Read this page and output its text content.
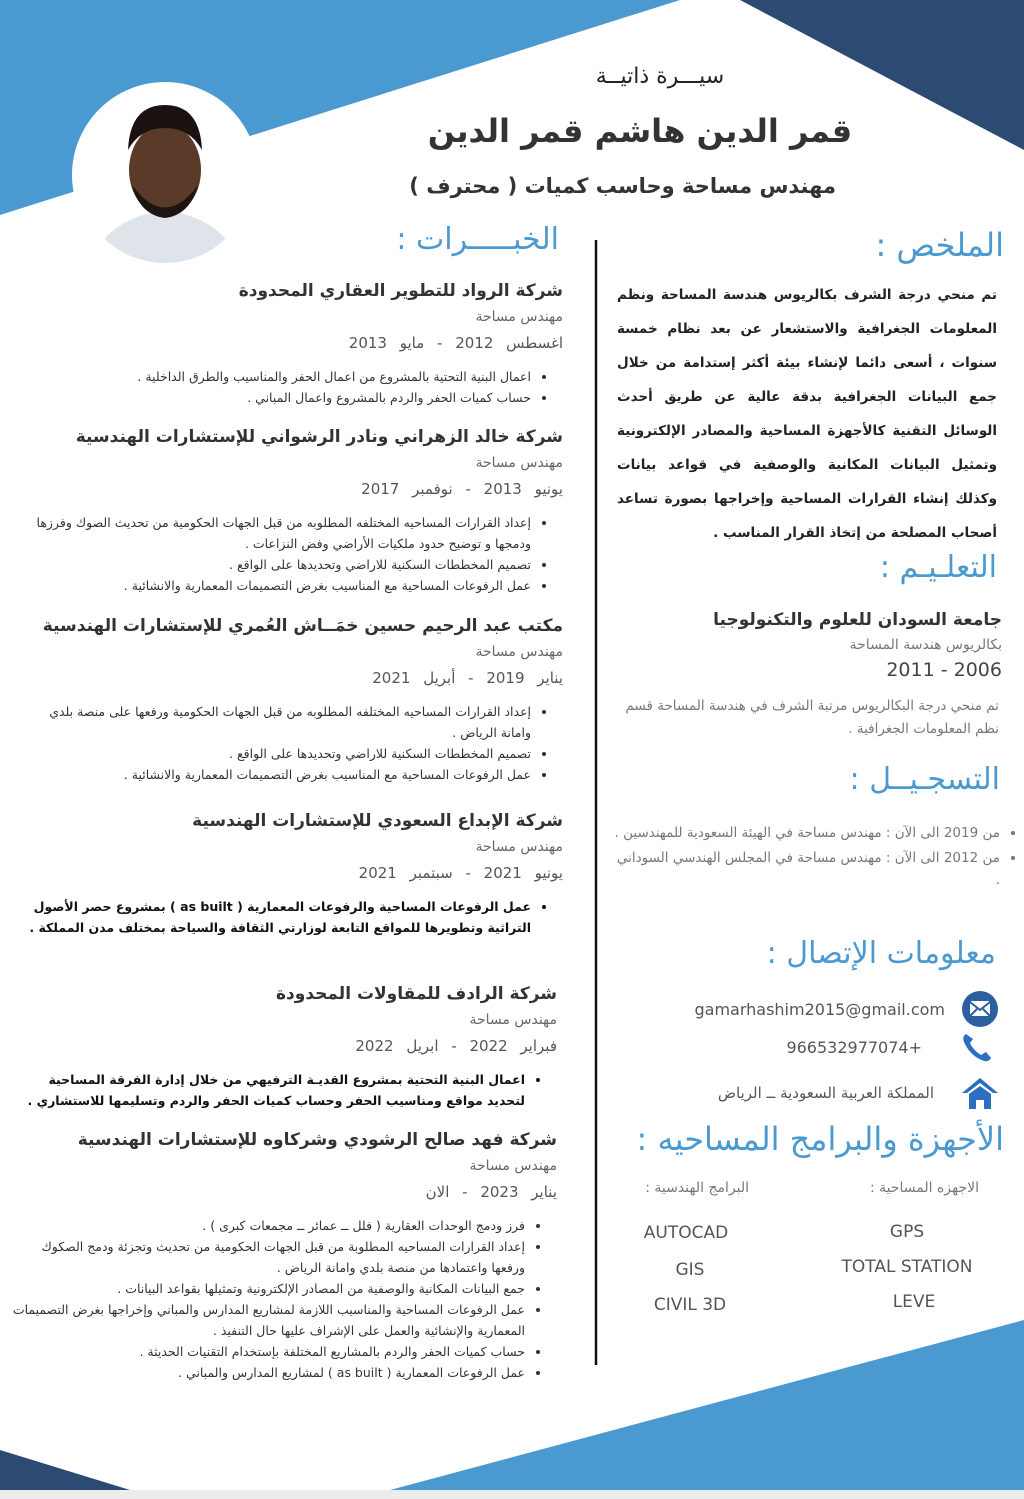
سيـــرة ذاتيــة
قمر الدين هاشم قمر الدين
مهندس مساحة وحاسب كميات ( محترف )
الملخص :
تم منحي درجة الشرف بكالريوس هندسة المساحة ونظم المعلومات الجغرافية والاستشعار عن بعد نظام خمسة سنوات ، أسعى دائما لإنشاء بيئة أكثر إستدامة من خلال جمع البيانات الجغرافية بدقة عالية عن طريق أحدث الوسائل التقنية كالأجهزة المساحية والمصادر الإلكترونية وتمثيل البيانات المكانية والوصفية في قواعد بيانات وكذلك إنشاء القرارات المساحية وإخراجها بصورة تساعد أصحاب المصلحة من إتخاذ القرار المناسب .
التعلـيـم :
جامعة السودان للعلوم والتكنولوجيا
بكالريوس هندسة المساحة
2011 - 2006
تم منحي درجة البكالريوس مرتبة الشرف في هندسة المساحة قسم نظم المعلومات الجغرافية .
التسجـيــل :
• من 2019 الى الآن : مهندس مساحة في الهيئة السعودية للمهندسين .
• من 2012 الى الآن : مهندس مساحة في المجلس الهندسي السوداني .
معلومات الإتصال :
gamarhashim2015@gmail.com
+966532977074
المملكة العربية السعودية ــ الرياض
الأجهزة والبرامج المساحيه :
الاجهزه المساحية :
البرامج الهندسية :
GPS
TOTAL STATION
LEVE
AUTOCAD
GIS
CIVIL 3D
الخبـــــرات :
شركة الرواد للتطوير العقاري المحدودة
مهندس مساحة
اغسطس 2012 - مايو 2013
• اعمال البنية التحتية بالمشروع من اعمال الحفر والمناسيب والطرق الداخلية .
• حساب كميات الحفر والردم بالمشروع واعمال المباني .
شركة خالد الزهراني ونادر الرشواني للإستشارات الهندسية
مهندس مساحة
يونيو 2013 - نوفمبر 2017
• إعداد القرارات المساحيه المختلفه المطلوبه من قبل الجهات الحكومية من تحديث الصوك وفرزها ودمجها و توضيح حدود ملكيات الأراضي وفض النزاعات .
• تصميم المخططات السكنية للاراضي وتحديدها على الواقع .
• عمل الرفوعات المساحية مع المناسيب بغرض التصميمات المعمارية والانشائية .
مكتب عبد الرحيم حسين خمَــاش العُمري للإستشارات الهندسية
مهندس مساحة
يناير 2019 - أبريل 2021
• إعداد القرارات المساحيه المختلفه المطلوبه من قبل الجهات الحكومية ورفعها على منصة بلدي وامانة الرياض .
• تصميم المخططات السكنية للاراضي وتحديدها على الواقع .
• عمل الرفوعات المساحية مع المناسيب بغرض التصميمات المعمارية والانشائية .
شركة الإبداع السعودي للإستشارات الهندسية
مهندس مساحة
يونيو 2021 - سبتمبر 2021
• عمل الرفوعات المساحية والرفوعات المعمارية ( as built ) بمشروع حصر الأصول التراثية وتطويرها للمواقع التابعة لوزارتي الثقافة والسياحة بمختلف مدن المملكة .
شركة الرادف للمقاولات المحدودة
مهندس مساحة
فبراير 2022 - ابريل 2022
• اعمال البنية التحتية بمشروع القديـة الترفيهي من خلال إدارة الفرقة المساحية لتحديد مواقع ومناسيب الحفر وحساب كميات الحفر والردم وتسليمها للاستشاري .
شركة فهد صالح الرشودي وشركاوه للإستشارات الهندسية
مهندس مساحة
يناير 2023 - الان
• فرز ودمج الوحدات العقارية ( فلل ــ عمائر ــ مجمعات كبرى ) .
• إعداد القرارات المساحيه المطلوبة من قبل الجهات الحكومية من تحديث وتجزئة ودمج الصكوك ورفعها واعتمادها من منصة بلدي وامانة الرياض .
• جمع البيانات المكانية والوصفية من المصادر الإلكترونية وتمثيلها بقواعد البيانات .
• عمل الرفوعات المساحية والمناسيب اللازمة لمشاريع المدارس والمباني وإخراجها بغرض التصميمات المعمارية والإنشائية والعمل على الإشراف عليها حال التنفيذ .
• حساب كميات الحفر والردم بالمشاريع المختلفة بإستخدام التقنيات الحديثة .
• عمل الرفوعات المعمارية ( as built ) لمشاريع المدارس والمباني .
